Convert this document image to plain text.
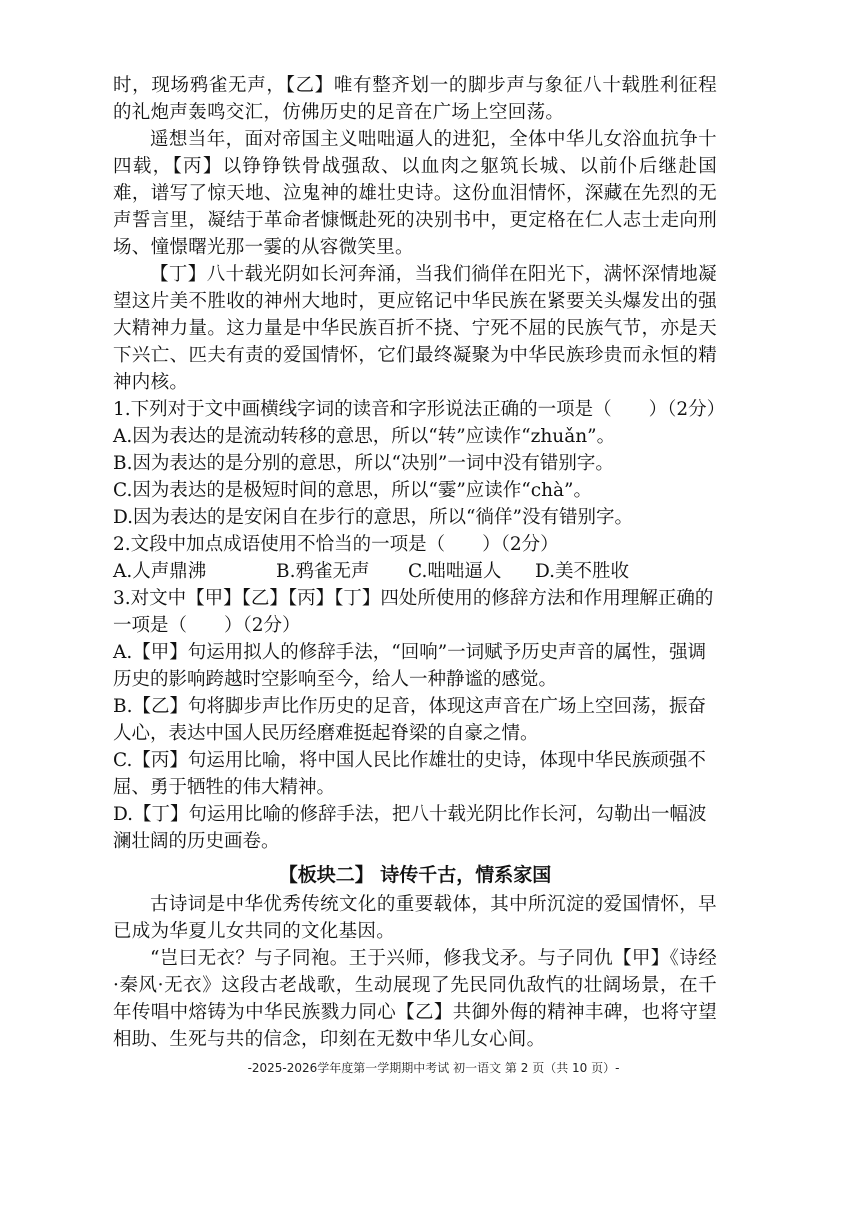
时，现场鸦雀无声，【乙】唯有整齐划一的脚步声与象征八十载胜利征程的礼炮声轰鸣交汇，仿佛历史的足音在广场上空回荡。

遥想当年，面对帝国主义咄咄逼人的进犯，全体中华儿女浴血抗争十四载，【丙】以铮铮铁骨战强敌、以血肉之躯筑长城、以前仆后继赴国难，谱写了惊天地、泣鬼神的雄壮史诗。这份血泪情怀，深藏在先烈的无声誓言里，凝结于革命者慷慨赴死的决别书中，更定格在仁人志士走向刑场、憧憬曙光那一霎的从容微笑里。

【丁】八十载光阴如长河奔涌，当我们徜佯在阳光下，满怀深情地凝望这片美不胜收的神州大地时，更应铭记中华民族在紧要关头爆发出的强大精神力量。这力量是中华民族百折不挠、宁死不屈的民族气节，亦是天下兴亡、匹夫有责的爱国情怀，它们最终凝聚为中华民族珍贵而永恒的精神内核。

1.下列对于文中画横线字词的读音和字形说法正确的一项是（　　）（2分）

A.因为表达的是流动转移的意思，所以“转”应读作“zhuǎn”。

B.因为表达的是分别的意思，所以“决别”一词中没有错别字。

C.因为表达的是极短时间的意思，所以“霎”应读作“chà”。

D.因为表达的是安闲自在步行的意思，所以“徜佯”没有错别字。

2.文段中加点成语使用不恰当的一项是（　　）（2分）

A.人声鼎沸	B.鸦雀无声	C.咄咄逼人	D.美不胜收

3.对文中【甲】【乙】【丙】【丁】四处所使用的修辞方法和作用理解正确的一项是（　　）（2分）

A.【甲】句运用拟人的修辞手法，“回响”一词赋予历史声音的属性，强调历史的影响跨越时空影响至今，给人一种静谧的感觉。

B.【乙】句将脚步声比作历史的足音，体现这声音在广场上空回荡，振奋人心，表达中国人民历经磨难挺起脊梁的自豪之情。

C.【丙】句运用比喻，将中国人民比作雄壮的史诗，体现中华民族顽强不屈、勇于牺牲的伟大精神。

D.【丁】句运用比喻的修辞手法，把八十载光阴比作长河，勾勒出一幅波澜壮阔的历史画卷。

【板块二】 诗传千古，情系家国

古诗词是中华优秀传统文化的重要载体，其中所沉淀的爱国情怀，早已成为华夏儿女共同的文化基因。

“岂曰无衣？与子同袍。王于兴师，修我戈矛。与子同仇【甲】《诗经·秦风·无衣》这段古老战歌，生动展现了先民同仇敌忾的壮阔场景，在千年传唱中熔铸为中华民族戮力同心【乙】共御外侮的精神丰碑，也将守望相助、生死与共的信念，印刻在无数中华儿女心间。

-2025-2026学年度第一学期期中考试 初一语文 第 2 页（共 10 页）-
